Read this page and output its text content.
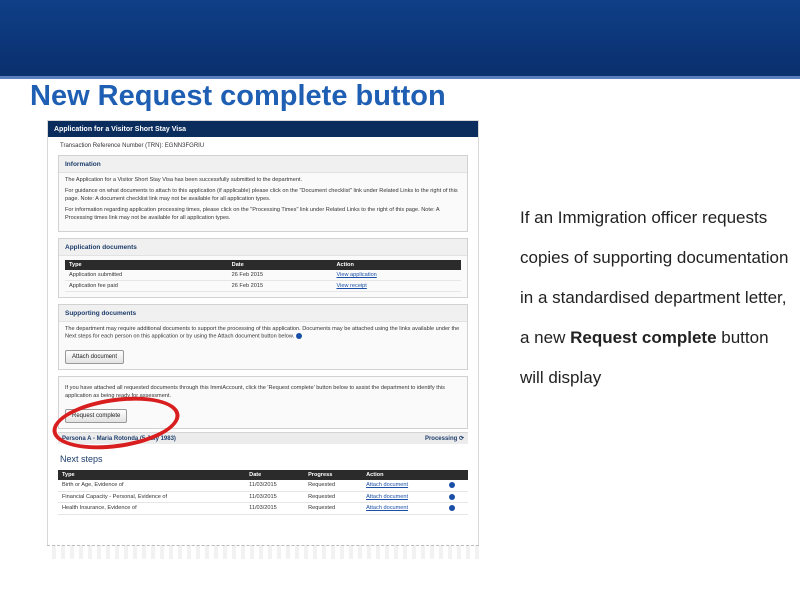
New Request complete button
Application for a Visitor Short Stay Visa
Transaction Reference Number (TRN): EGNN3FGRIU
Information
The Application for a Visitor Short Stay Visa has been successfully submitted to the department.
For guidance on what documents to attach to this application (if applicable) please click on the "Document checklist" link under Related Links to the right of this page. Note: A document checklist link may not be available for all application types.
For information regarding application processing times, please click on the "Processing Times" link under Related Links to the right of this page. Note: A Processing times link may not be available for all application types.
Application documents
Type	Date	Action
Application submitted	26 Feb 2015	View application
Application fee paid	26 Feb 2015	View receipt
Supporting documents
The department may require additional documents to support the processing of this application. Documents may be attached using the links available under the Next steps for each person on this application or by using the Attach document button below.
Attach document
If you have attached all requested documents through this ImmiAccount, click the 'Request complete' button below to assist the department to identify this application as being ready for assessment.
Request complete
Persona A - Maria Rotonda (5 July 1983)	Processing ⟳
Next steps
Type	Date	Progress	Action	
Birth or Age, Evidence of	11/03/2015	Requested	Attach document	
Financial Capacity - Personal, Evidence of	11/03/2015	Requested	Attach document	
Health Insurance, Evidence of	11/03/2015	Requested	Attach document	
If an Immigration officer requests copies of supporting documentation in a standardised department letter, a new Request complete button will display
